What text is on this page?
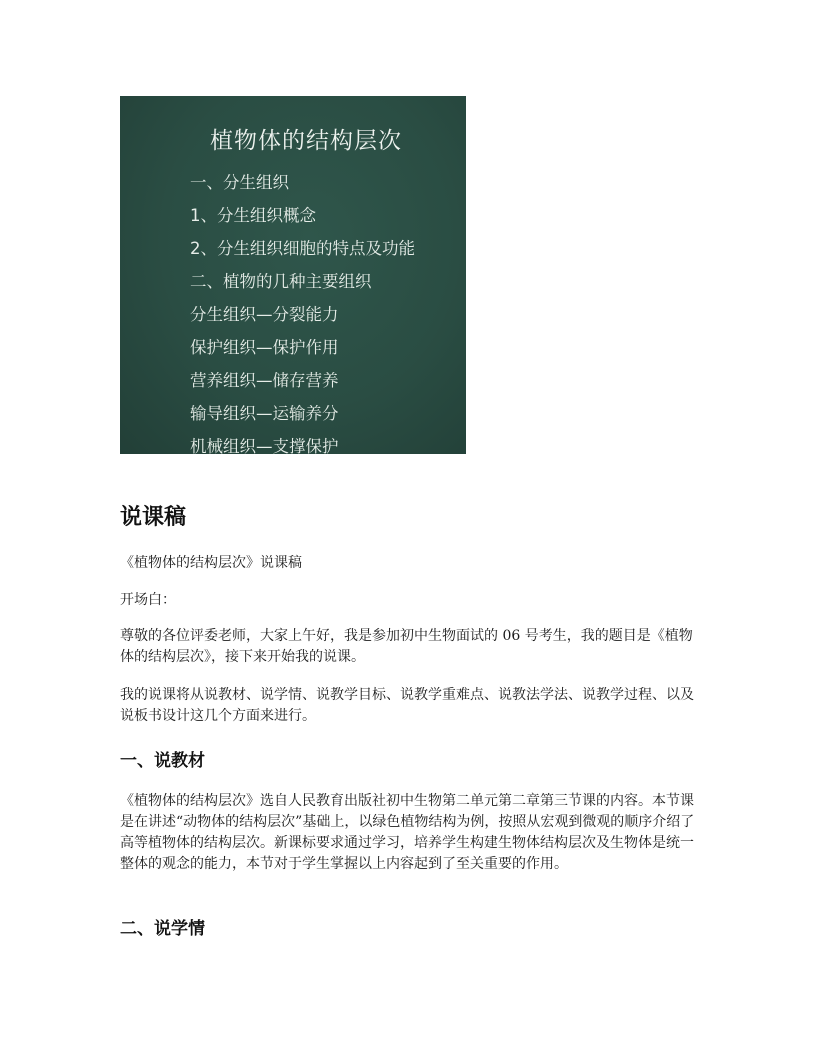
植物体的结构层次
一、分生组织
1、分生组织概念
2、分生组织细胞的特点及功能
二、植物的几种主要组织
分生组织—分裂能力
保护组织—保护作用
营养组织—储存营养
输导组织—运输养分
机械组织—支撑保护
说课稿

《植物体的结构层次》说课稿

开场白：

尊敬的各位评委老师，大家上午好，我是参加初中生物面试的 06 号考生，我的题目是《植物体的结构层次》，接下来开始我的说课。

我的说课将从说教材、说学情、说教学目标、说教学重难点、说教法学法、说教学过程、以及说板书设计这几个方面来进行。

一、说教材

《植物体的结构层次》选自人民教育出版社初中生物第二单元第二章第三节课的内容。本节课是在讲述“动物体的结构层次”基础上，以绿色植物结构为例，按照从宏观到微观的顺序介绍了高等植物体的结构层次。新课标要求通过学习，培养学生构建生物体结构层次及生物体是统一整体的观念的能力，本节对于学生掌握以上内容起到了至关重要的作用。

二、说学情
